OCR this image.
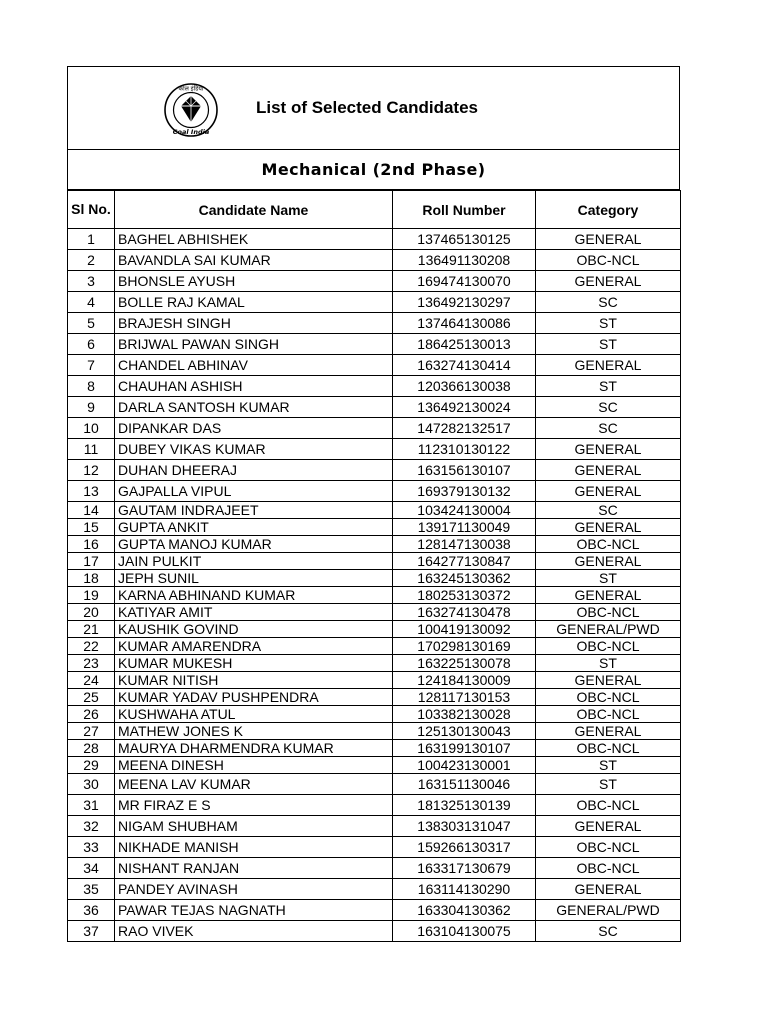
कोल इंडिया
Coal India
List of Selected Candidates
Mechanical (2nd Phase)
Sl No.	Candidate Name	Roll Number	Category
1	BAGHEL ABHISHEK	137465130125	GENERAL
2	BAVANDLA SAI KUMAR	136491130208	OBC-NCL
3	BHONSLE AYUSH	169474130070	GENERAL
4	BOLLE RAJ KAMAL	136492130297	SC
5	BRAJESH SINGH	137464130086	ST
6	BRIJWAL PAWAN SINGH	186425130013	ST
7	CHANDEL ABHINAV	163274130414	GENERAL
8	CHAUHAN ASHISH	120366130038	ST
9	DARLA SANTOSH KUMAR	136492130024	SC
10	DIPANKAR DAS	147282132517	SC
11	DUBEY VIKAS KUMAR	112310130122	GENERAL
12	DUHAN DHEERAJ	163156130107	GENERAL
13	GAJPALLA VIPUL	169379130132	GENERAL
14	GAUTAM INDRAJEET	103424130004	SC
15	GUPTA ANKIT	139171130049	GENERAL
16	GUPTA MANOJ KUMAR	128147130038	OBC-NCL
17	JAIN PULKIT	164277130847	GENERAL
18	JEPH SUNIL	163245130362	ST
19	KARNA ABHINAND KUMAR	180253130372	GENERAL
20	KATIYAR AMIT	163274130478	OBC-NCL
21	KAUSHIK GOVIND	100419130092	GENERAL/PWD
22	KUMAR AMARENDRA	170298130169	OBC-NCL
23	KUMAR MUKESH	163225130078	ST
24	KUMAR NITISH	124184130009	GENERAL
25	KUMAR YADAV PUSHPENDRA	128117130153	OBC-NCL
26	KUSHWAHA ATUL	103382130028	OBC-NCL
27	MATHEW JONES K	125130130043	GENERAL
28	MAURYA DHARMENDRA KUMAR	163199130107	OBC-NCL
29	MEENA DINESH	100423130001	ST
30	MEENA LAV KUMAR	163151130046	ST
31	MR FIRAZ E S	181325130139	OBC-NCL
32	NIGAM SHUBHAM	138303131047	GENERAL
33	NIKHADE MANISH	159266130317	OBC-NCL
34	NISHANT RANJAN	163317130679	OBC-NCL
35	PANDEY AVINASH	163114130290	GENERAL
36	PAWAR TEJAS NAGNATH	163304130362	GENERAL/PWD
37	RAO VIVEK	163104130075	SC
